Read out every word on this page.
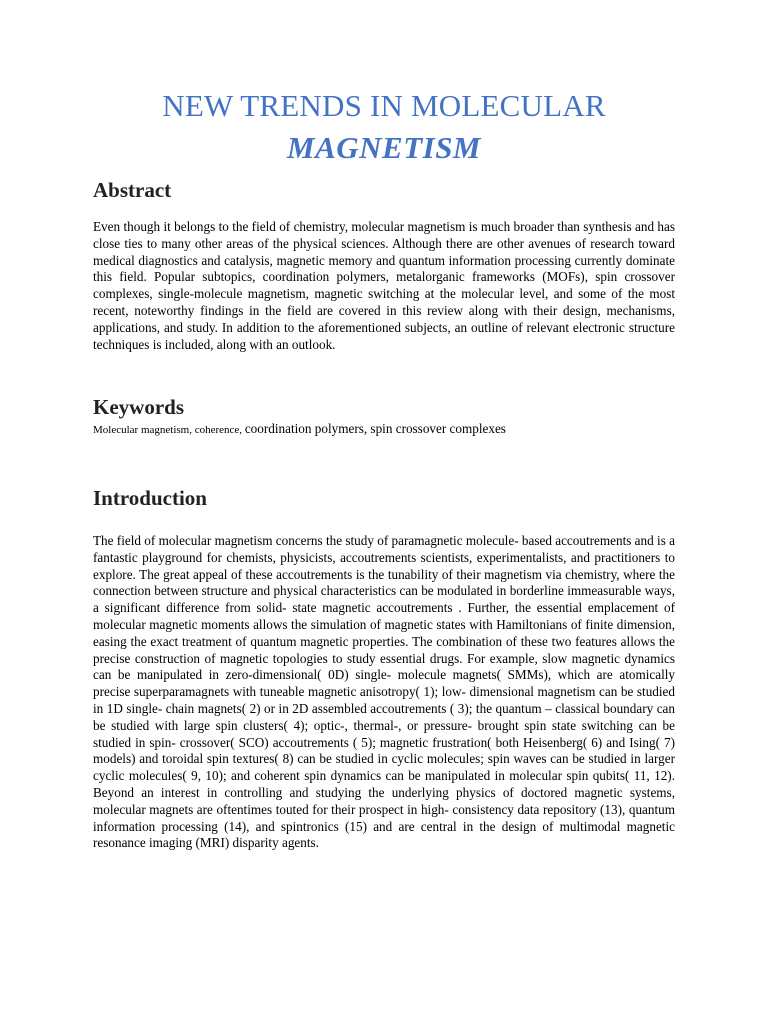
NEW TRENDS IN MOLECULAR
MAGNETISM
Abstract
Even though it belongs to the field of chemistry, molecular magnetism is much broader than synthesis and has close ties to many other areas of the physical sciences. Although there are other avenues of research toward medical diagnostics and catalysis, magnetic memory and quantum information processing currently dominate this field. Popular subtopics, coordination polymers, metalorganic frameworks (MOFs), spin crossover complexes, single-molecule magnetism, magnetic switching at the molecular level, and some of the most recent, noteworthy findings in the field are covered in this review along with their design, mechanisms, applications, and study. In addition to the aforementioned subjects, an outline of relevant electronic structure techniques is included, along with an outlook.
Keywords
Molecular magnetism, coherence, coordination polymers, spin crossover complexes
Introduction
The field of molecular magnetism concerns the study of paramagnetic molecule- based accoutrements and is a fantastic playground for chemists, physicists, accoutrements scientists, experimentalists, and practitioners to explore. The great appeal of these accoutrements is the tunability of their magnetism via chemistry, where the connection between structure and physical characteristics can be modulated in borderline immeasurable ways, a significant difference from solid- state magnetic accoutrements . Further, the essential emplacement of molecular magnetic moments allows the simulation of magnetic states with Hamiltonians of finite dimension, easing the exact treatment of quantum magnetic properties. The combination of these two features allows the precise construction of magnetic topologies to study essential drugs. For example, slow magnetic dynamics can be manipulated in zero-dimensional( 0D) single- molecule magnets( SMMs), which are atomically precise superparamagnets with tuneable magnetic anisotropy( 1); low- dimensional magnetism can be studied in 1D single- chain magnets( 2) or in 2D assembled accoutrements ( 3); the quantum – classical boundary can be studied with large spin clusters( 4); optic-, thermal-, or pressure- brought spin state switching can be studied in spin- crossover( SCO) accoutrements ( 5); magnetic frustration( both Heisenberg( 6) and Ising( 7) models) and toroidal spin textures( 8) can be studied in cyclic molecules; spin waves can be studied in larger cyclic molecules( 9, 10); and coherent spin dynamics can be manipulated in molecular spin qubits( 11, 12). Beyond an interest in controlling and studying the underlying physics of doctored magnetic systems, molecular magnets are oftentimes touted for their prospect in high- consistency data repository (13), quantum information processing (14), and spintronics (15) and are central in the design of multimodal magnetic resonance imaging (MRI) disparity agents.
